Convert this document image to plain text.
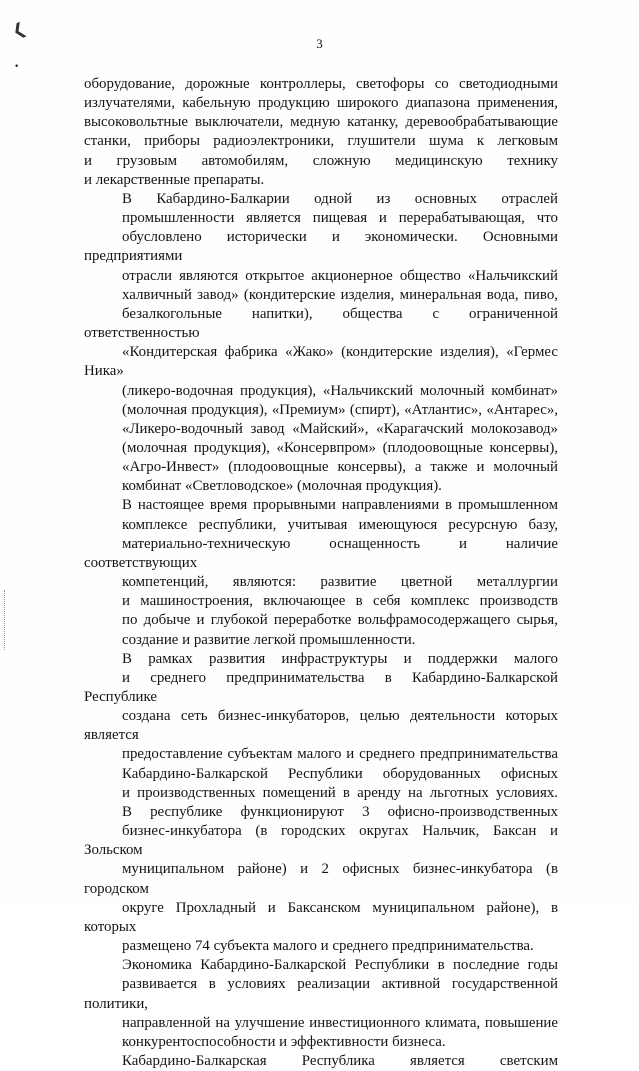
❮
•
3

оборудование, дорожные контроллеры, светофоры со светодиодными
излучателями, кабельную продукцию широкого диапазона применения,
высоковольтные выключатели, медную катанку, деревообрабатывающие
станки, приборы радиоэлектроники, глушители шума к легковым
и грузовым автомобилям, сложную медицинскую технику
и лекарственные препараты.

В Кабардино-Балкарии одной из основных отраслей
промышленности является пищевая и перерабатывающая, что
обусловлено исторически и экономически. Основными предприятиями
отрасли являются открытое акционерное общество «Нальчикский
халвичный завод» (кондитерские изделия, минеральная вода, пиво,
безалкогольные напитки), общества с ограниченной ответственностью
«Кондитерская фабрика «Жако» (кондитерские изделия), «Гермес Ника»
(ликеро-водочная продукция), «Нальчикский молочный комбинат»
(молочная продукция), «Премиум» (спирт), «Атлантис», «Антарес»,
«Ликеро-водочный завод «Майский», «Карагачский молокозавод»
(молочная продукция), «Консервпром» (плодоовощные консервы),
«Агро-Инвест» (плодоовощные консервы), а также и молочный
комбинат «Светловодское» (молочная продукция).

В настоящее время прорывными направлениями в промышленном
комплексе республики, учитывая имеющуюся ресурсную базу,
материально-техническую оснащенность и наличие соответствующих
компетенций, являются: развитие цветной металлургии
и машиностроения, включающее в себя комплекс производств
по добыче и глубокой переработке вольфрамосодержащего сырья,
создание и развитие легкой промышленности.

В рамках развития инфраструктуры и поддержки малого
и среднего предпринимательства в Кабардино-Балкарской Республике
создана сеть бизнес-инкубаторов, целью деятельности которых является
предоставление субъектам малого и среднего предпринимательства
Кабардино-Балкарской Республики оборудованных офисных
и производственных помещений в аренду на льготных условиях.
В республике функционируют 3 офисно-производственных
бизнес-инкубатора (в городских округах Нальчик, Баксан и Зольском
муниципальном районе) и 2 офисных бизнес-инкубатора (в городском
округе Прохладный и Баксанском муниципальном районе), в которых
размещено 74 субъекта малого и среднего предпринимательства.

Экономика Кабардино-Балкарской Республики в последние годы
развивается в условиях реализации активной государственной политики,
направленной на улучшение инвестиционного климата, повышение
конкурентоспособности и эффективности бизнеса.

Кабардино-Балкарская Республика является светским
